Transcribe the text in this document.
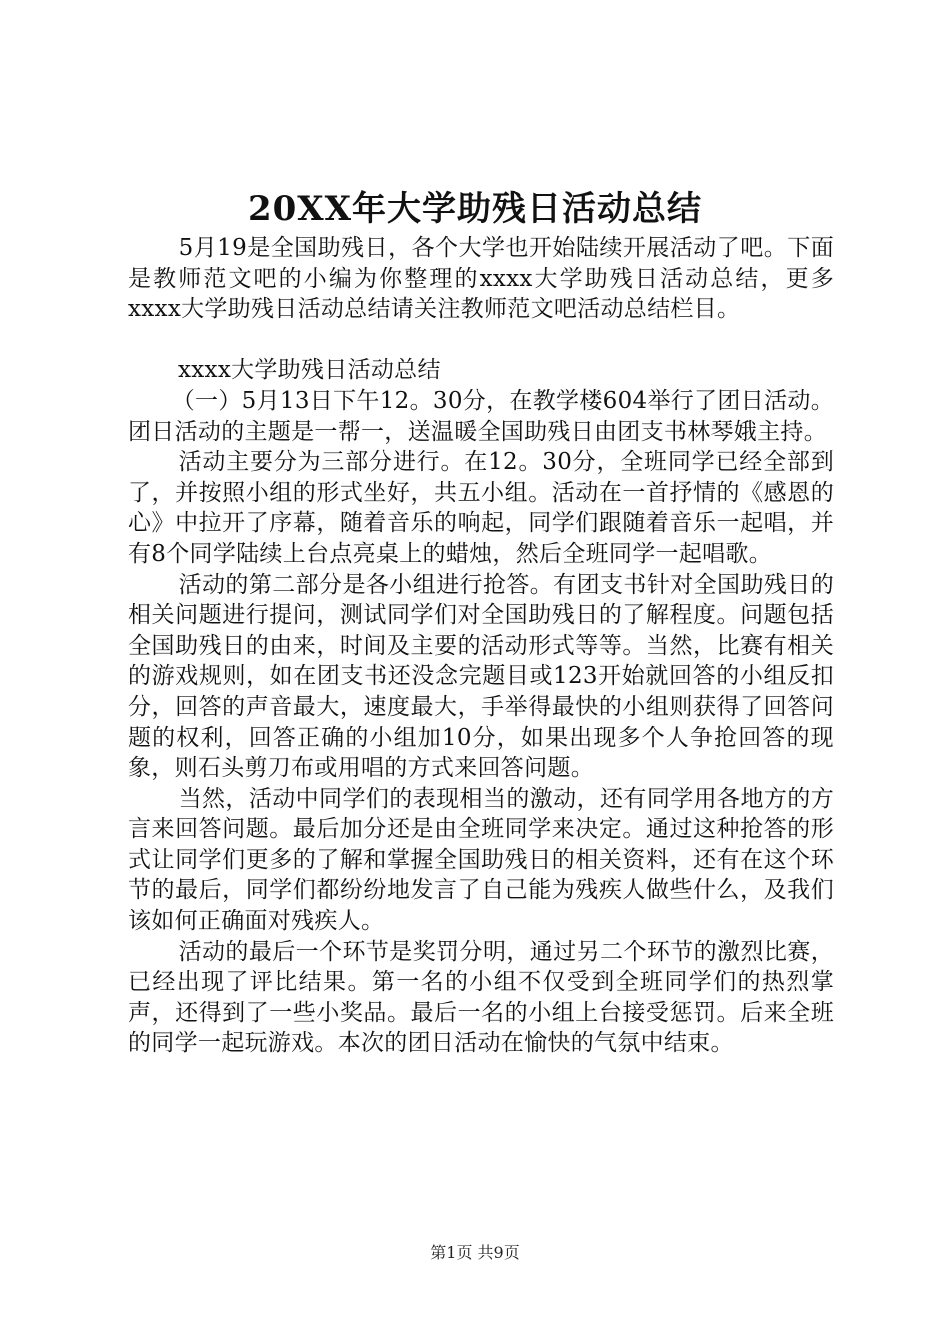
20XX年大学助残日活动总结

5月19是全国助残日，各个大学也开始陆续开展活动了吧。下面是教师范文吧的小编为你整理的xxxx大学助残日活动总结，更多xxxx大学助残日活动总结请关注教师范文吧活动总结栏目。

xxxx大学助残日活动总结

（一）5月13日下午12。30分，在教学楼604举行了团日活动。团日活动的主题是一帮一，送温暖全国助残日由团支书林琴娥主持。

活动主要分为三部分进行。在12。30分，全班同学已经全部到了，并按照小组的形式坐好，共五小组。活动在一首抒情的《感恩的心》中拉开了序幕，随着音乐的响起，同学们跟随着音乐一起唱，并有8个同学陆续上台点亮桌上的蜡烛，然后全班同学一起唱歌。

活动的第二部分是各小组进行抢答。有团支书针对全国助残日的相关问题进行提问，测试同学们对全国助残日的了解程度。问题包括全国助残日的由来，时间及主要的活动形式等等。当然，比赛有相关的游戏规则，如在团支书还没念完题目或123开始就回答的小组反扣分，回答的声音最大，速度最大，手举得最快的小组则获得了回答问题的权利，回答正确的小组加10分，如果出现多个人争抢回答的现象，则石头剪刀布或用唱的方式来回答问题。

当然，活动中同学们的表现相当的激动，还有同学用各地方的方言来回答问题。最后加分还是由全班同学来决定。通过这种抢答的形式让同学们更多的了解和掌握全国助残日的相关资料，还有在这个环节的最后，同学们都纷纷地发言了自己能为残疾人做些什么，及我们该如何正确面对残疾人。

活动的最后一个环节是奖罚分明，通过另二个环节的激烈比赛，已经出现了评比结果。第一名的小组不仅受到全班同学们的热烈掌声，还得到了一些小奖品。最后一名的小组上台接受惩罚。后来全班的同学一起玩游戏。本次的团日活动在愉快的气氛中结束。

第1页 共9页
